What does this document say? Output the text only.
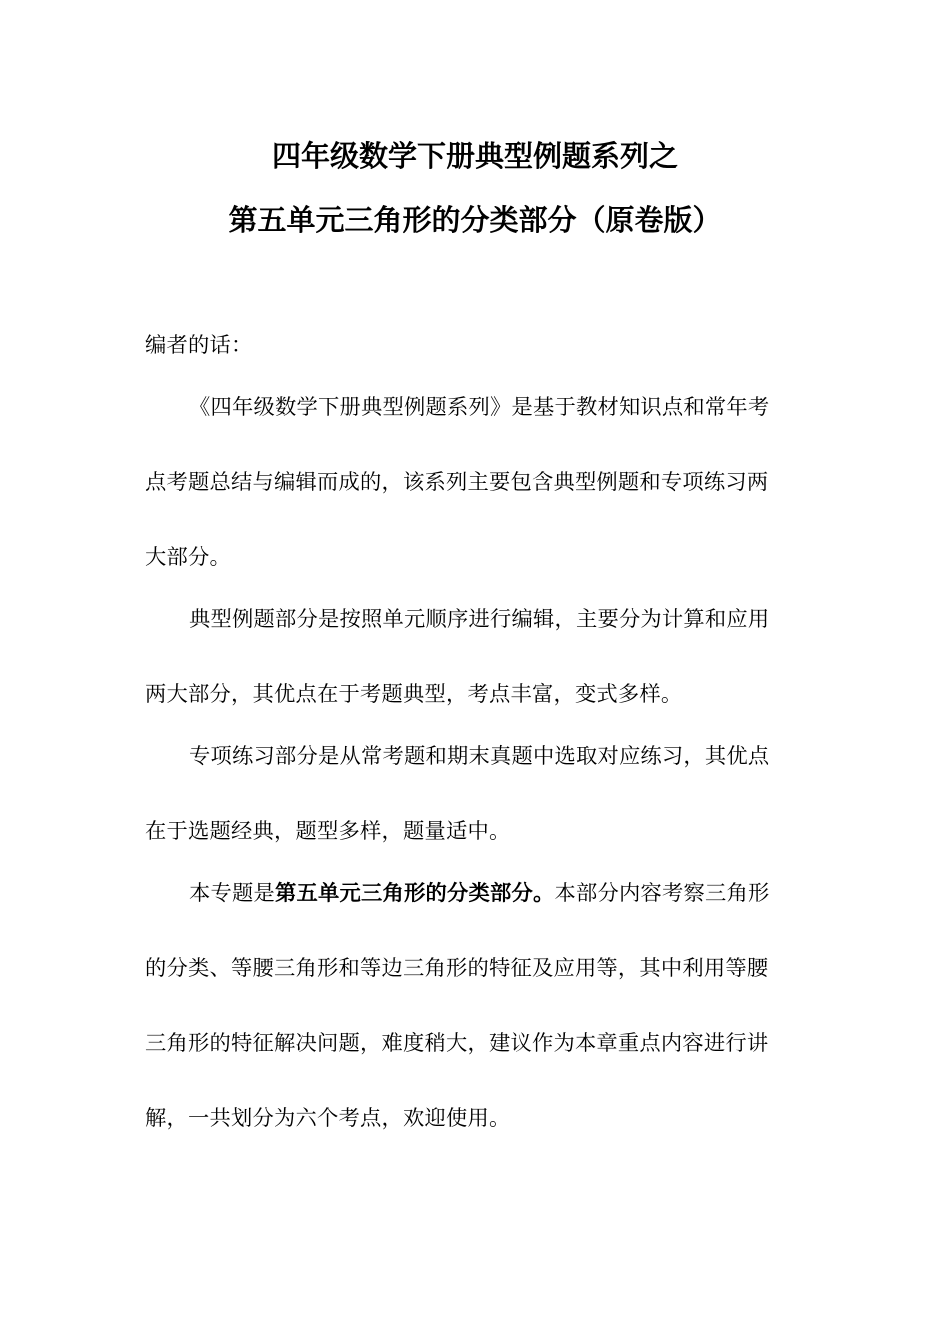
四年级数学下册典型例题系列之
第五单元三角形的分类部分（原卷版）
编者的话：
《四年级数学下册典型例题系列》是基于教材知识点和常年考
点考题总结与编辑而成的，该系列主要包含典型例题和专项练习两
大部分。
典型例题部分是按照单元顺序进行编辑，主要分为计算和应用
两大部分，其优点在于考题典型，考点丰富，变式多样。
专项练习部分是从常考题和期末真题中选取对应练习，其优点
在于选题经典，题型多样，题量适中。
本专题是第五单元三角形的分类部分。本部分内容考察三角形
的分类、等腰三角形和等边三角形的特征及应用等，其中利用等腰
三角形的特征解决问题，难度稍大，建议作为本章重点内容进行讲
解，一共划分为六个考点，欢迎使用。
